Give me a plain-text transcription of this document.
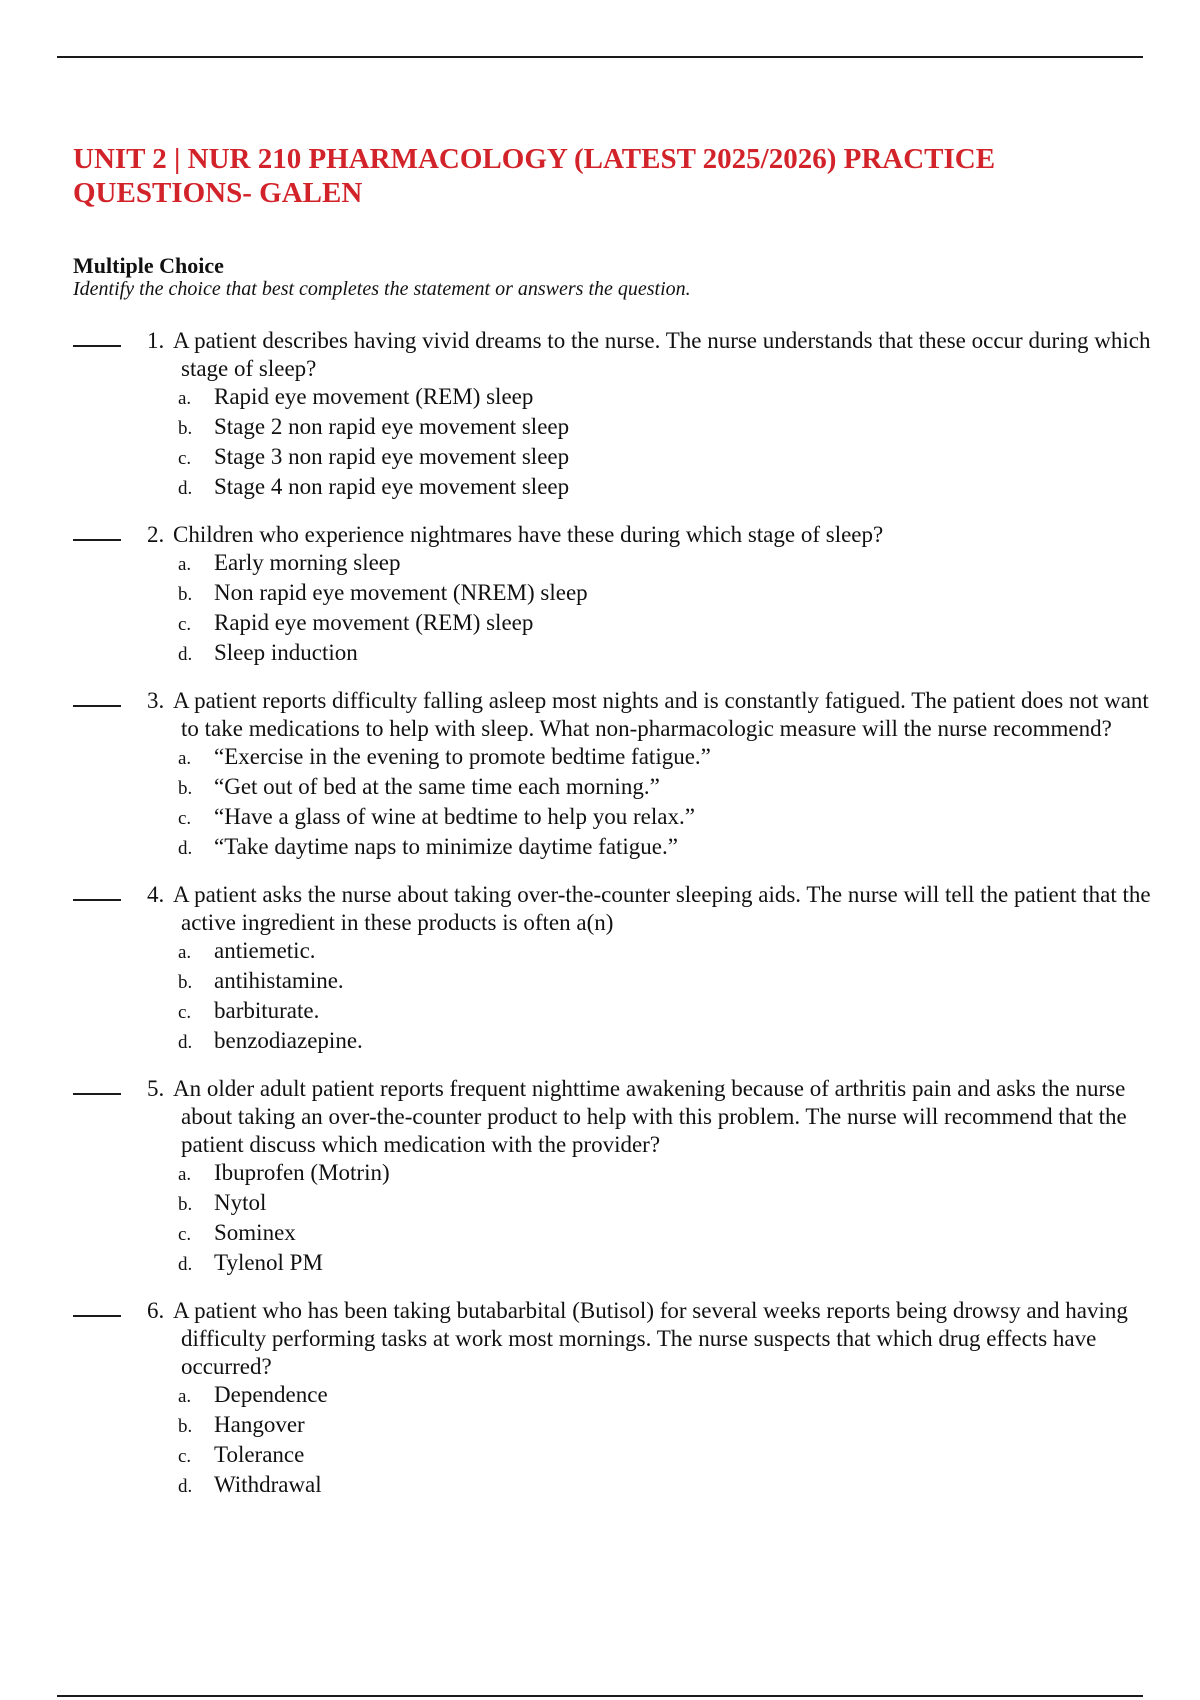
UNIT 2 | NUR 210 PHARMACOLOGY (LATEST 2025/2026) PRACTICE QUESTIONS- GALEN
Multiple Choice
Identify the choice that best completes the statement or answers the question.
1. A patient describes having vivid dreams to the nurse. The nurse understands that these occur during which stage of sleep?
a. Rapid eye movement (REM) sleep
b. Stage 2 non rapid eye movement sleep
c. Stage 3 non rapid eye movement sleep
d. Stage 4 non rapid eye movement sleep
2. Children who experience nightmares have these during which stage of sleep?
a. Early morning sleep
b. Non rapid eye movement (NREM) sleep
c. Rapid eye movement (REM) sleep
d. Sleep induction
3. A patient reports difficulty falling asleep most nights and is constantly fatigued. The patient does not want to take medications to help with sleep. What non-pharmacologic measure will the nurse recommend?
a. “Exercise in the evening to promote bedtime fatigue.”
b. “Get out of bed at the same time each morning.”
c. “Have a glass of wine at bedtime to help you relax.”
d. “Take daytime naps to minimize daytime fatigue.”
4. A patient asks the nurse about taking over-the-counter sleeping aids. The nurse will tell the patient that the active ingredient in these products is often a(n)
a. antiemetic.
b. antihistamine.
c. barbiturate.
d. benzodiazepine.
5. An older adult patient reports frequent nighttime awakening because of arthritis pain and asks the nurse about taking an over-the-counter product to help with this problem. The nurse will recommend that the patient discuss which medication with the provider?
a. Ibuprofen (Motrin)
b. Nytol
c. Sominex
d. Tylenol PM
6. A patient who has been taking butabarbital (Butisol) for several weeks reports being drowsy and having difficulty performing tasks at work most mornings. The nurse suspects that which drug effects have occurred?
a. Dependence
b. Hangover
c. Tolerance
d. Withdrawal
